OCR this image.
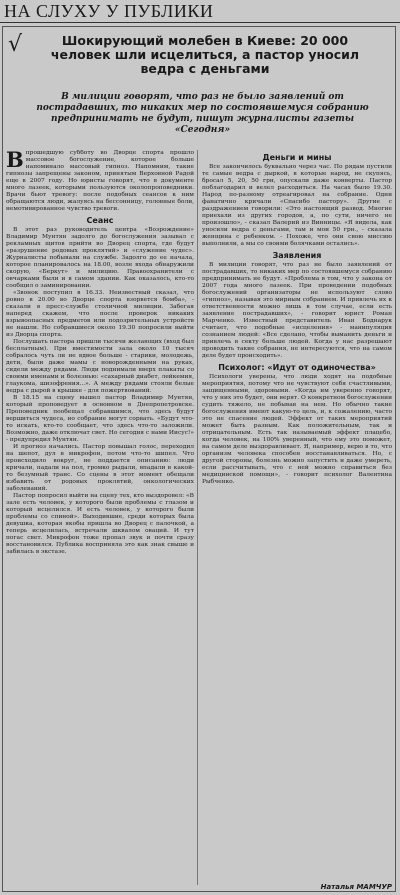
НА СЛУХУ У ПУБЛИКИ
√	Шокирующий молебен в Киеве: 20 000 человек шли исцелиться, а пастор уносил ведра с деньгами
В милиции говорят, что раз не было заявлений от пострадавших, то никаких мер по состоявшемуся собранию предпринимать не будут, пишут журналисты газеты «Сегодня»

Впрошедшую субботу во Дворце спорта прошло массовое богослужение, которое больше напоминало массовый гипноз. Напомним, такие гипнозы запрещены законом, принятым Верховной Радой еще в 2007 году. Но юристы говорят, что в документе много лазеек, которыми пользуются околопроповедники. Врачи бьют тревогу: после подобных сеансов к ним обращаются люди, жалуясь на бессонницу, головные боли, немотивированное чувство тревоги.

Сеанс

В этот раз руководитель центра «Возрождение» Владимир Мунтян задолго до богослужения зазывал с рекламных щитов прийти во Дворец спорта, где будут «разрушение родовых проклятий» и «служение чудес». Журналисты побывали на службе. Задолго до ее начала, которое планировалось на 18.00, возле входа обнаружили скорую, «Беркут» и милицию. Правоохранители с овчарками были и в самом здании. Как оказалось, кто-то сообщил о заминировании.

«Звонок поступил в 16.33. Неизвестный сказал, что ровно в 20.00 во Дворце спорта взорвется бомба», - сказали в пресс-службе столичной милиции. Забегая наперед скажем, что после проверок никаких взрывоопасных предметов или подозрительных устройств не нашли. Но собравшиеся около 19.30 попросили выйти из Дворца спорта.

Послушать пастора пришли тысячи желающих (вход был бесплатным). При вместимости зала около 10 тысяч собралось чуть ли не вдвое больше - старики, молодежь, дети, были даже мамы с новорожденными на руках, сидели между рядами. Люди поднимали вверх плакаты со своими именами и болезнью: «сахарный диабет, лейкемия, глаукома, шизофрения...». А между рядами стояли белые ведра с дырой в крышке - для пожертвований.

В 18.15 на сцену вышел пастор Владимир Мунтян, который проповедует в основном в Днепропетровске. Проповедник пообещал собравшимся, что здесь будут вершиться чудеса, но собрание могут сорвать. «Будут что-то искать, кто-то сообщает, что здесь что-то заложили. Возможно, даже отключат свет. Но сегодня с нами Иисус!» - предупредил Мунтян.

И прогноз начались. Пастор повышал голос, переходил на шепот, дул в микрофон, потом что-то шипел. Что происходило вокруг, не поддается описанию: люди кричали, падали на пол, громко рыдали, впадали в какой-то безумный транс. Со сцены в этот момент обещали избавить от родовых проклятий, онкологических заболеваний.

Пастор попросил выйти на сцену тех, кто выздоровел: «В зале есть человек, у которого были проблемы с глазом и который исцелился. И есть человек, у которого были проблемы со спиной». Выходившие, среди которых была девушка, которая якобы пришла во Дворец с палочкой, а теперь исцелилась, встречали шквалом оваций. И тут погас свет. Микрофон тоже пропал звук и почти сразу восстановился. Публика восприняла это как знак свыше и забилась в экстазе.

Деньги и мины

Все закончилось буквально через час. По рядам пустили те самые ведра с дыркой, в которые народ, не скупясь, бросал 5, 20, 50 грн, опускали даже конверты. Пастор поблагодарил и велел расходиться. На часах было 19.30. Народ по-разному отреагировал на собрание. Одни фанатично кричали «Спасибо пастору». Другие с раздражением говорили: «Это настоящий развод. Многие приехали из других городов, а, по сути, ничего не произошло», - сказал Валерий из Винницы. «Я видела, как уносили ведра с деньгами, там и мои 50 грн., - сказала женщина с ребенком. - Похоже, что они свою миссию выполнили, а мы со своими болячками остались».

Заявления

В милиции говорят, что раз не было заявлений от пострадавших, то никаких мер по состоявшемуся собранию предпринимать не будут. «Проблема в том, что у закона от 2007 года много лазеек. При проведении подобных богослужений организаторы не используют слово «гипноз», называя это мирным собранием. И привлечь их к ответственности можно лишь в том случае, если есть заявление пострадавших», - говорит юрист Роман Марченко. Известный представитель Иван Боднарук считает, что подобные «исцеления» - манипуляция сознанием людей: «Все сделано, чтобы выманить деньги и привлечь в секту больше людей. Когда у нас разрешают проводить такие собрания, не интересуются, что на самом деле будет происходить».

Психолог: «Идут от одиночества»

Психологи уверены, что люди ходят на подобные мероприятия, потому что не чувствуют себя счастливыми, защищенными, здоровыми. «Когда им уверенно говорят, что у них это будет, они верят. О конкретном богослужении судить тяжело, не побывав на нем. Но обычно такие богослужения имеют какую-то цель, и, к сожалению, часто это не спасение людей. Эффект от таких мероприятий может быть разным. Как положительным, так и отрицательным. Есть так называемый эффект плацебо, когда человек, на 100% уверенный, что ему это поможет, на самом деле выздоравливает. Я, например, верю в то, что организм человека способен восстанавливаться. Но, с другой стороны, болезнь можно запустить и даже умереть, если рассчитывать, что с ней можно справиться без медицинской помощи», - говорит психолог Валентина Рыбченко.

Наталья МАМЧУР
